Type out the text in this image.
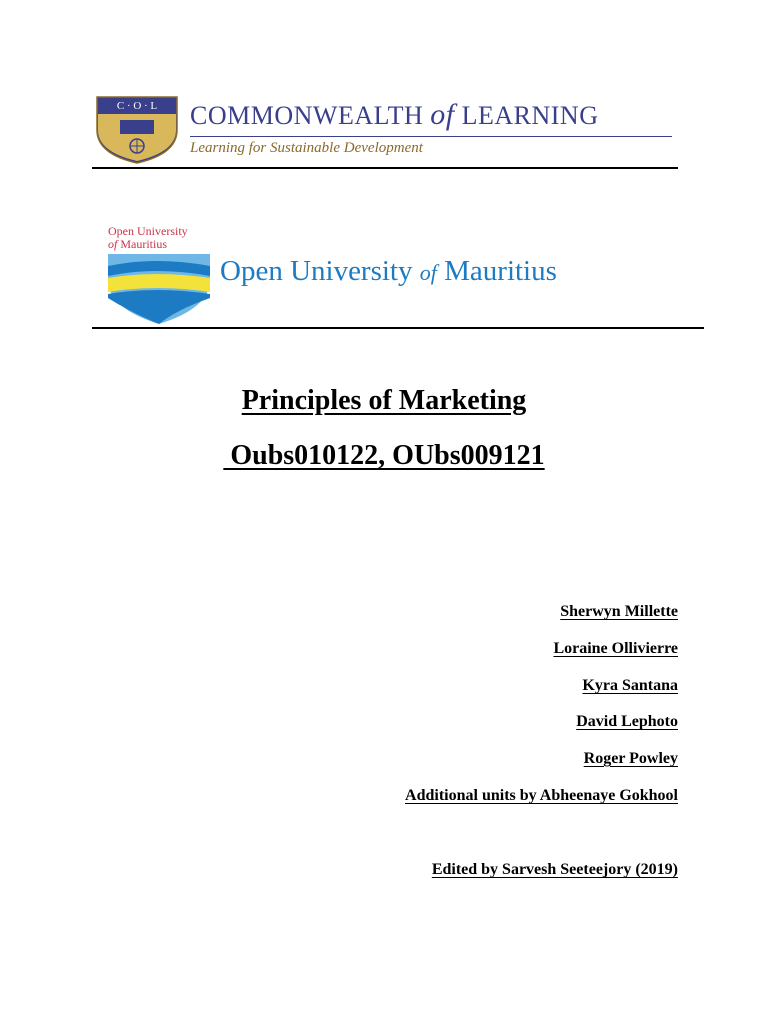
C · O · L COMMONWEALTH of LEARNING
Learning for Sustainable Development
Open University
of Mauritius
Open University of Mauritius
Principles of Marketing
Oubs010122, OUbs009121
Sherwyn Millette
Loraine Ollivierre
Kyra Santana
David Lephoto
Roger Powley
Additional units by Abheenaye Gokhool
Edited by Sarvesh Seeteejory (2019)
